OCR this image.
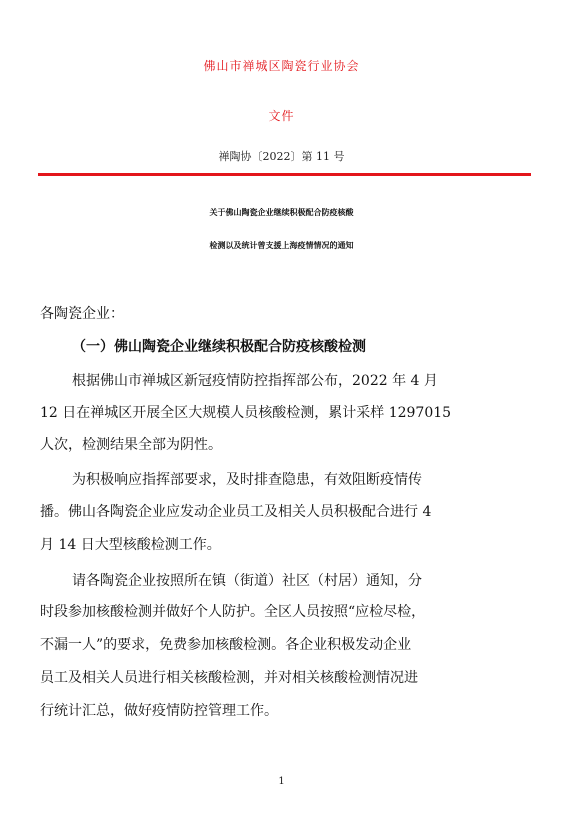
佛山市禅城区陶瓷行业协会
文件
禅陶协〔2022〕第 11 号
关于佛山陶瓷企业继续积极配合防疫核酸
检测以及统计曾支援上海疫情情况的通知
各陶瓷企业：
（一）佛山陶瓷企业继续积极配合防疫核酸检测
根据佛山市禅城区新冠疫情防控指挥部公布，2022 年 4 月
12 日在禅城区开展全区大规模人员核酸检测，累计采样 1297015
人次，检测结果全部为阴性。
为积极响应指挥部要求，及时排查隐患，有效阻断疫情传
播。佛山各陶瓷企业应发动企业员工及相关人员积极配合进行 4
月 14 日大型核酸检测工作。
请各陶瓷企业按照所在镇（街道）社区（村居）通知，分
时段参加核酸检测并做好个人防护。全区人员按照“应检尽检，
不漏一人”的要求，免费参加核酸检测。各企业积极发动企业
员工及相关人员进行相关核酸检测，并对相关核酸检测情况进
行统计汇总，做好疫情防控管理工作。
1
